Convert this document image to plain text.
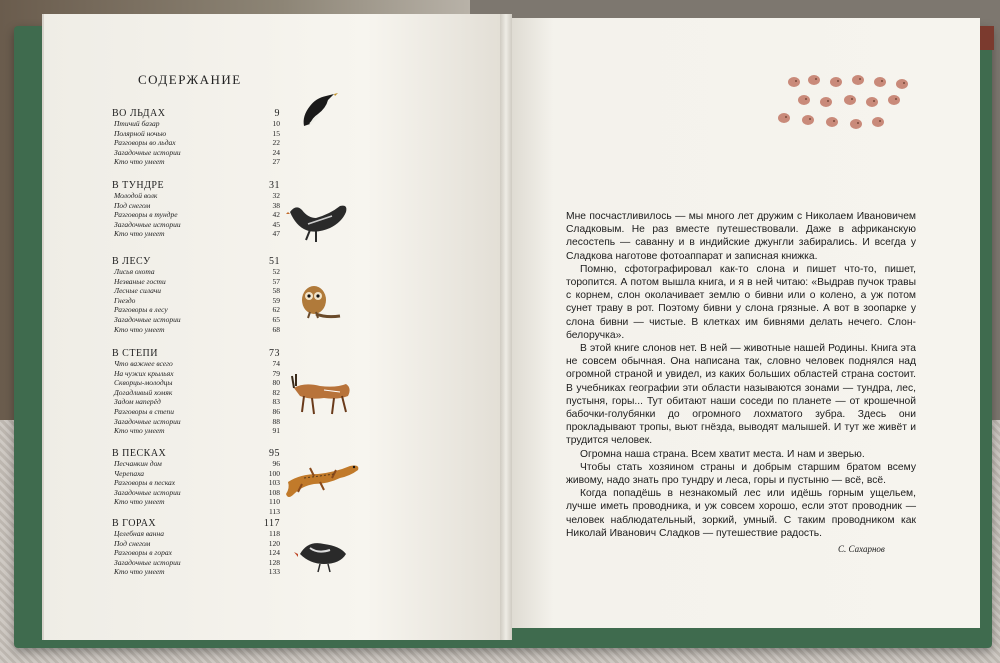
СОДЕРЖАНИЕ
ВО ЛЬДАХ	9
Птичий базар	10
Полярной ночью	15
Разговоры во льдах	22
Загадочные истории	24
Кто что умеет	27
В ТУНДРЕ	31
Молодой волк	32
Под снегом	38
Разговоры в тундре	42
Загадочные истории	45
Кто что умеет	47
В ЛЕСУ	51
Лисья охота	52
Незваные гости	57
Лесные силачи	58
Гнездо	59
Разговоры в лесу	62
Загадочные истории	65
Кто что умеет	68
В СТЕПИ	73
Что важнее всего	74
На чужих крыльях	79
Скворцы-молодцы	80
Догадливый хомяк	82
Задом наперёд	83
Разговоры в степи	86
Загадочные истории	88
Кто что умеет	91
В ПЕСКАХ	95
Песчанкин дом	96
Черепаха	100
Разговоры в песках	103
Загадочные истории	108
Кто что умеет	110
113
В ГОРАХ	117
Целебная ванна	118
Под снегом	120
Разговоры в горах	124
Загадочные истории	128
Кто что умеет	133

Мне посчастливилось — мы много лет дружим с Николаем Ивановичем Сладковым. Не раз вместе путешествовали. Даже в африканскую лесостепь — саванну и в индийские джунгли забирались. И всегда у Сладкова наготове фотоаппарат и записная книжка.

Помню, сфотографировал как-то слона и пишет что-то, пишет, торопится. А потом вышла книга, и я в ней читаю: «Выдрав пучок травы с корнем, слон околачивает землю о бивни или о колено, а уж потом сунет траву в рот. Поэтому бивни у слона грязные. А вот в зоопарке у слона бивни — чистые. В клетках им бивнями делать нечего. Слон-белоручка».

В этой книге слонов нет. В ней — животные нашей Родины. Книга эта не совсем обычная. Она написана так, словно человек поднялся над огромной страной и увидел, из каких больших областей страна состоит. В учебниках географии эти области называются зонами — тундра, лес, пустыня, горы... Тут обитают наши соседи по планете — от крошечной бабочки-голубянки до огромного лохматого зубра. Здесь они прокладывают тропы, вьют гнёзда, выводят малышей. И тут же живёт и трудится человек.

Огромна наша страна. Всем хватит места. И нам и зверью.

Чтобы стать хозяином страны и добрым старшим братом всему живому, надо знать про тундру и леса, горы и пустыню — всё, всё.

Когда попадёшь в незнакомый лес или идёшь горным ущельем, лучше иметь проводника, и уж совсем хорошо, если этот проводник — человек наблюдательный, зоркий, умный. С таким проводником как Николай Иванович Сладков — путешествие радость.

С. Сахарнов
